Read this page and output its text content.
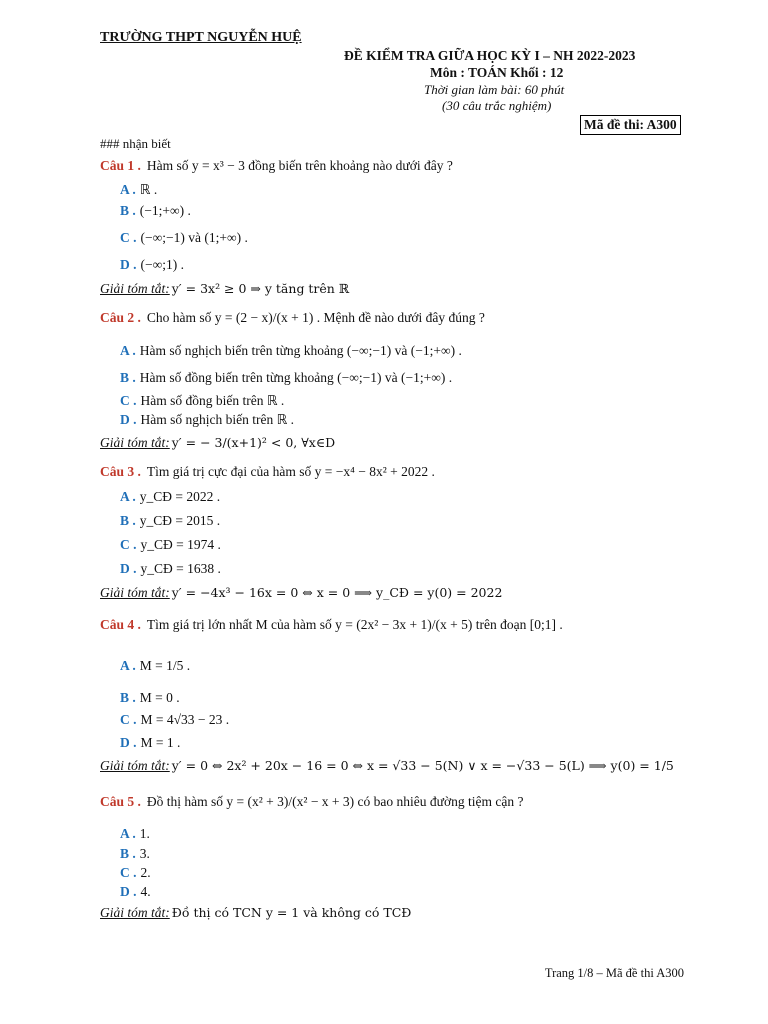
TRƯỜNG THPT NGUYỄN HUỆ
ĐỀ KIỂM TRA GIỮA HỌC KỲ I – NH 2022-2023
Môn : TOÁN Khối : 12
Thời gian làm bài: 60 phút
(30 câu trắc nghiệm)
Mã đề thi: A300
### nhận biết
Câu 1 . Hàm số y = x³ − 3 đồng biến trên khoảng nào dưới đây ?
A . ℝ .
B . (−1;+∞) .
C . (−∞;−1) và (1;+∞) .
D . (−∞;1) .
Giải tóm tắt: y′ = 3x² ≥ 0 ⇒ y tăng trên ℝ
Câu 2 . Cho hàm số y = (2 − x)/(x + 1) . Mệnh đề nào dưới đây đúng ?
A . Hàm số nghịch biến trên từng khoảng (−∞;−1) và (−1;+∞) .
B . Hàm số đồng biến trên từng khoảng (−∞;−1) và (−1;+∞) .
C . Hàm số đồng biến trên ℝ .
D . Hàm số nghịch biến trên ℝ .
Giải tóm tắt: y′ = − 3/(x+1)² < 0, ∀x∈D
Câu 3 . Tìm giá trị cực đại của hàm số y = −x⁴ − 8x² + 2022 .
A . y_CĐ = 2022 .
B . y_CĐ = 2015 .
C . y_CĐ = 1974 .
D . y_CĐ = 1638 .
Giải tóm tắt: y′ = −4x³ − 16x = 0 ⇔ x = 0 ⟹ y_CĐ = y(0) = 2022
Câu 4 . Tìm giá trị lớn nhất M của hàm số y = (2x² − 3x + 1)/(x + 5) trên đoạn [0;1] .
A . M = 1/5 .
B . M = 0 .
C . M = 4√33 − 23 .
D . M = 1 .
Giải tóm tắt: y′ = 0 ⇔ 2x² + 20x − 16 = 0 ⇔ x = √33 − 5(N) ∨ x = −√33 − 5(L) ⟹ y(0) = 1/5
Câu 5 . Đồ thị hàm số y = (x² + 3)/(x² − x + 3) có bao nhiêu đường tiệm cận ?
A . 1.
B . 3.
C . 2.
D . 4.
Giải tóm tắt: Đồ thị có TCN y = 1 và không có TCĐ
Trang 1/8 – Mã đề thi A300
